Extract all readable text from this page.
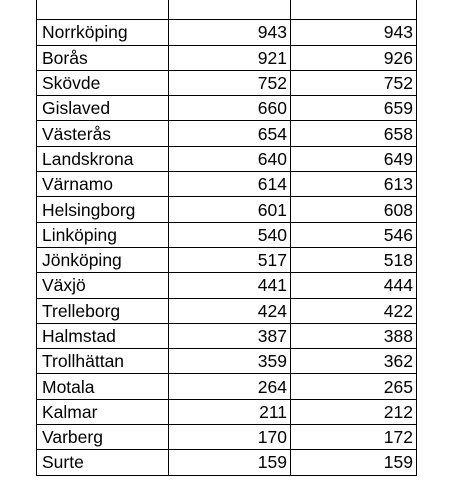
Norrköping	943	943
Borås	921	926
Skövde	752	752
Gislaved	660	659
Västerås	654	658
Landskrona	640	649
Värnamo	614	613
Helsingborg	601	608
Linköping	540	546
Jönköping	517	518
Växjö	441	444
Trelleborg	424	422
Halmstad	387	388
Trollhättan	359	362
Motala	264	265
Kalmar	211	212
Varberg	170	172
Surte	159	159
